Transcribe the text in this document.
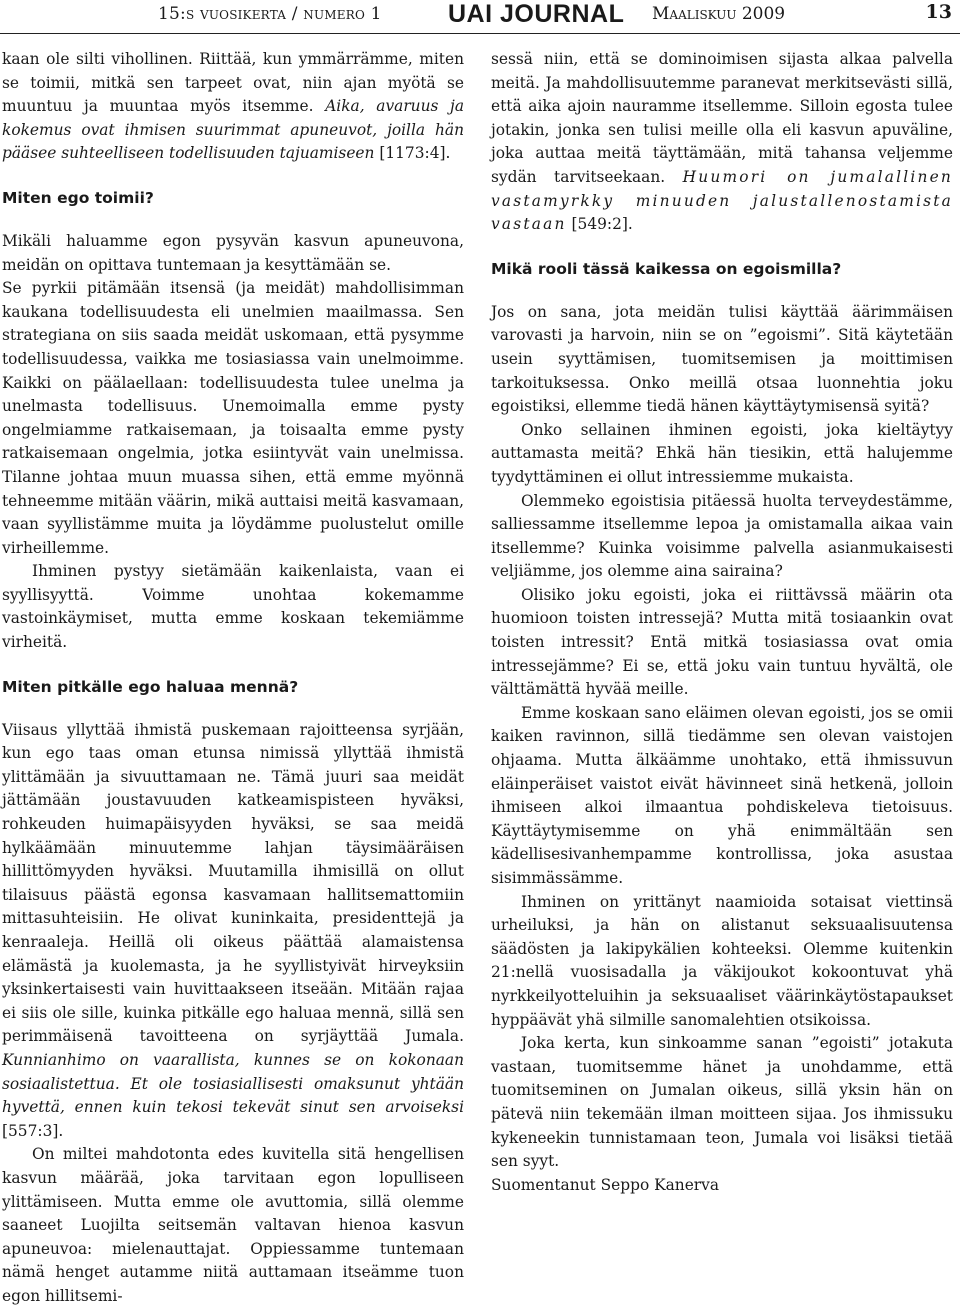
15:s vuosikerta / numero 1	UAI JOURNAL Maaliskuu 2009	13

kaan ole silti vihollinen. Riittää, kun ymmärrämme, miten se toimii, mitkä sen tarpeet ovat, niin ajan myötä se muuntuu ja muuntaa myös itsemme. Aika, avaruus ja kokemus ovat ihmisen suurimmat apuneuvot, joilla hän pääsee suhteelliseen todellisuuden tajuamiseen [1173:4].

Miten ego toimii?

Mikäli haluamme egon pysyvän kasvun apuneuvona, meidän on opittava tuntemaan ja kesyttämään se.

Se pyrkii pitämään itsensä (ja meidät) mahdollisimman kaukana todellisuudesta eli unelmien maailmassa. Sen strategiana on siis saada meidät uskomaan, että pysymme todellisuudessa, vaikka me tosiasiassa vain unelmoimme. Kaikki on päälaellaan: todellisuudesta tulee unelma ja unelmasta todellisuus. Unemoimalla emme pysty ongelmiamme ratkaisemaan, ja toisaalta emme pysty ratkaisemaan ongelmia, jotka esiintyvät vain unelmissa. Tilanne johtaa muun muassa sihen, että emme myönnä tehneemme mitään väärin, mikä auttaisi meitä kasvamaan, vaan syyllistämme muita ja löydämme puolustelut omille virheillemme.

Ihminen pystyy sietämään kaikenlaista, vaan ei syyllisyyttä. Voimme unohtaa kokemamme vastoinkäymiset, mutta emme koskaan tekemiämme virheitä.

Miten pitkälle ego haluaa mennä?

Viisaus yllyttää ihmistä puskemaan rajoitteensa syrjään, kun ego taas oman etunsa nimissä yllyttää ihmistä ylittämään ja sivuuttamaan ne. Tämä juuri saa meidät jättämään joustavuuden katkeamispisteen hyväksi, rohkeuden huimapäisyyden hyväksi, se saa meidä hylkäämään minuutemme lahjan täysimääräisen hillittömyyden hyväksi. Muutamilla ihmisillä on ollut tilaisuus päästä egonsa kasvamaan hallitsemattomiin mittasuhteisiin. He olivat kuninkaita, presidenttejä ja kenraaleja. Heillä oli oikeus päättää alamaistensa elämästä ja kuolemasta, ja he syyllistyivät hirveyksiin yksinkertaisesti vain huvittaakseen itseään. Mitään rajaa ei siis ole sille, kuinka pitkälle ego haluaa mennä, sillä sen perimmäisenä tavoitteena on syrjäyttää Jumala. Kunnianhimo on vaarallista, kunnes se on kokonaan sosiaalistettua. Et ole tosiasiallisesti omaksunut yhtään hyvettä, ennen kuin tekosi tekevät sinut sen arvoiseksi [557:3].

On miltei mahdotonta edes kuvitella sitä hengellisen kasvun määrää, joka tarvitaan egon lopulliseen ylittämiseen. Mutta emme ole avuttomia, sillä olemme saaneet Luojilta seitsemän valtavan hienoa kasvun apuneuvoa: mielenauttajat. Oppiessamme tuntemaan nämä henget autamme niitä auttamaan itseämme tuon egon hillitsemi-

sessä niin, että se dominoimisen sijasta alkaa palvella meitä. Ja mahdollisuutemme paranevat merkitsevästi sillä, että aika ajoin nauramme itsellemme. Silloin egosta tulee jotakin, jonka sen tulisi meille olla eli kasvun apuväline, joka auttaa meitä täyttämään, mitä tahansa veljemme sydän tarvitseekaan. Huumori on jumalallinen vastamyrkky minuuden jalustallenostamista vastaan [549:2].

Mikä rooli tässä kaikessa on egoismilla?

Jos on sana, jota meidän tulisi käyttää äärimmäisen varovasti ja harvoin, niin se on ”egoismi”. Sitä käytetään usein syyttämisen, tuomitsemisen ja moittimisen tarkoituksessa. Onko meillä otsaa luonnehtia joku egoistiksi, ellemme tiedä hänen käyttäytymisensä syitä?

Onko sellainen ihminen egoisti, joka kieltäytyy auttamasta meitä? Ehkä hän tiesikin, että halujemme tyydyttäminen ei ollut intressiemme mukaista.

Olemmeko egoistisia pitäessä huolta terveydestämme, salliessamme itsellemme lepoa ja omistamalla aikaa vain itsellemme? Kuinka voisimme palvella asianmukaisesti veljiämme, jos olemme aina sairaina?

Olisiko joku egoisti, joka ei riittävssä määrin ota huomioon toisten intressejä? Mutta mitä tosiaankin ovat toisten intressit? Entä mitkä tosiasiassa ovat omia intressejämme? Ei se, että joku vain tuntuu hyvältä, ole välttämättä hyvää meille.

Emme koskaan sano eläimen olevan egoisti, jos se omii kaiken ravinnon, sillä tiedämme sen olevan vaistojen ohjaama. Mutta älkäämme unohtako, että ihmissuvun eläinperäiset vaistot eivät hävinneet sinä hetkenä, jolloin ihmiseen alkoi ilmaantua pohdiskeleva tietoisuus. Käyttäytymisemme on yhä enimmältään sen kädellisesivanhempamme kontrollissa, joka asustaa sisimmässämme.

Ihminen on yrittänyt naamioida sotaisat viettinsä urheiluksi, ja hän on alistanut seksuaalisuutensa säädösten ja lakipykälien kohteeksi. Olemme kuitenkin 21:nellä vuosisadalla ja väkijoukot kokoontuvat yhä nyrkkeilyotteluihin ja seksuaaliset väärinkäytöstapaukset hyppäävät yhä silmille sanomalehtien otsikoissa.

Joka kerta, kun sinkoamme sanan ”egoisti” jotakuta vastaan, tuomitsemme hänet ja unohdamme, että tuomitseminen on Jumalan oikeus, sillä yksin hän on pätevä niin tekemään ilman moitteen sijaa. Jos ihmissuku kykeneekin tunnistamaan teon, Jumala voi lisäksi tietää sen syyt.

Suomentanut Seppo Kanerva
